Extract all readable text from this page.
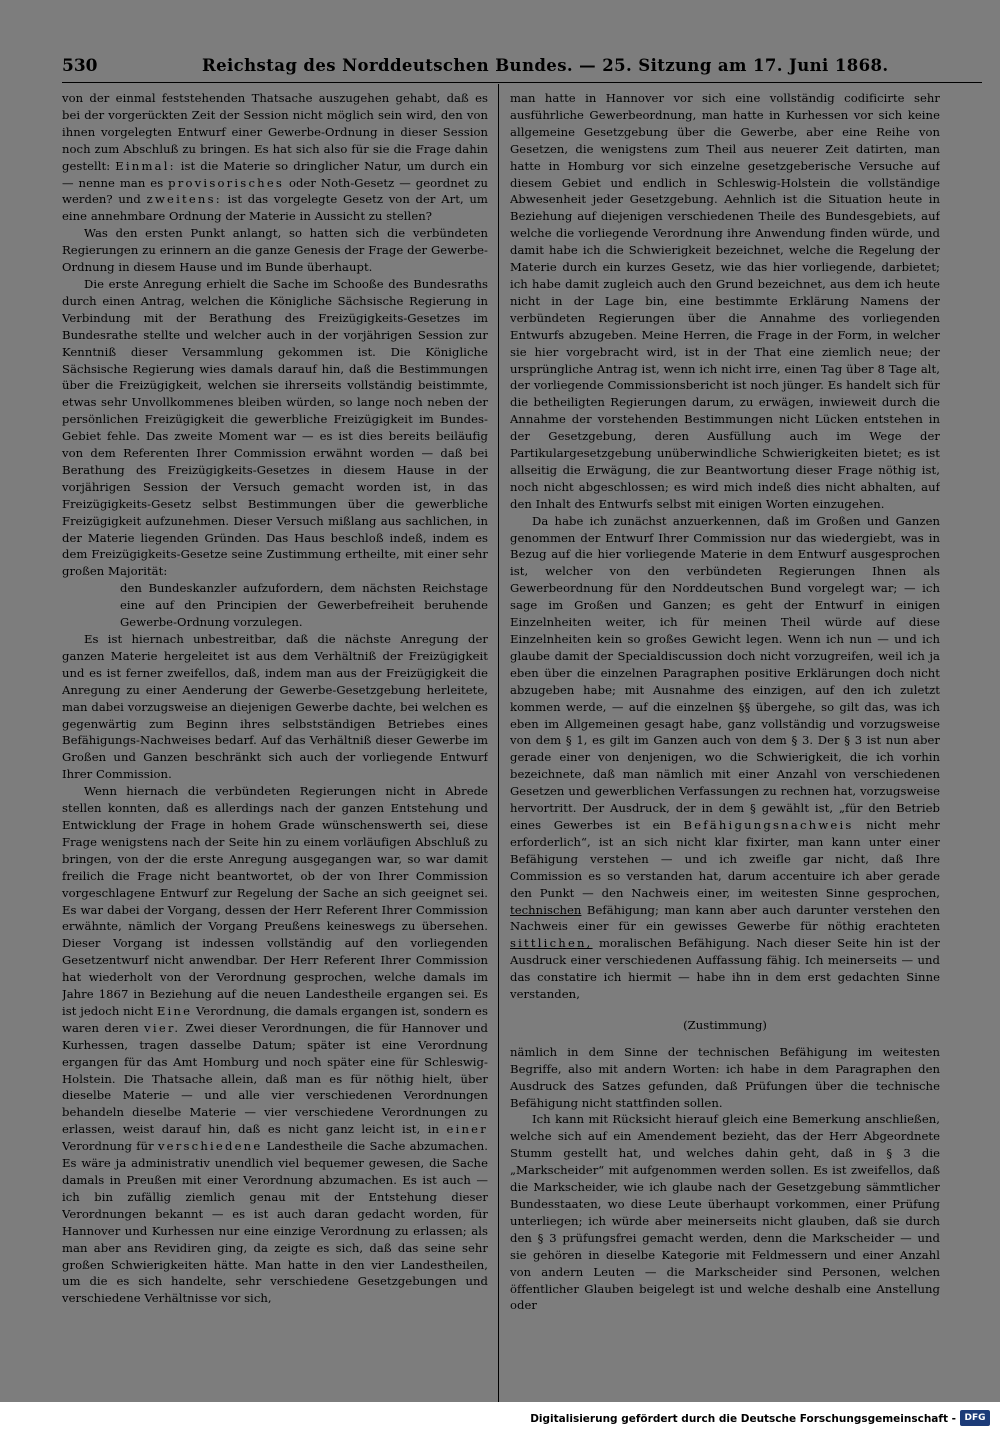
530	Reichstag des Norddeutschen Bundes. — 25. Sitzung am 17. Juni 1868.

von der einmal feststehenden Thatsache auszugehen gehabt, daß es bei der vorgerückten Zeit der Session nicht möglich sein wird, den von ihnen vorgelegten Entwurf einer Gewerbe-Ordnung in dieser Session noch zum Abschluß zu bringen. Es hat sich also für sie die Frage dahin gestellt: Einmal: ist die Materie so dringlicher Natur, um durch ein — nenne man es provisorisches oder Noth-Gesetz — geordnet zu werden? und zweitens: ist das vorgelegte Gesetz von der Art, um eine annehmbare Ordnung der Materie in Aussicht zu stellen?

Was den ersten Punkt anlangt, so hatten sich die verbündeten Regierungen zu erinnern an die ganze Genesis der Frage der Gewerbe-Ordnung in diesem Hause und im Bunde überhaupt.

Die erste Anregung erhielt die Sache im Schooße des Bundesraths durch einen Antrag, welchen die Königliche Sächsische Regierung in Verbindung mit der Berathung des Freizügigkeits-Gesetzes im Bundesrathe stellte und welcher auch in der vorjährigen Session zur Kenntniß dieser Versammlung gekommen ist. Die Königliche Sächsische Regierung wies damals darauf hin, daß die Bestimmungen über die Freizügigkeit, welchen sie ihrerseits vollständig beistimmte, etwas sehr Unvollkommenes bleiben würden, so lange noch neben der persönlichen Freizügigkeit die gewerbliche Freizügigkeit im Bundes-Gebiet fehle. Das zweite Moment war — es ist dies bereits beiläufig von dem Referenten Ihrer Commission erwähnt worden — daß bei Berathung des Freizügigkeits-Gesetzes in diesem Hause in der vorjährigen Session der Versuch gemacht worden ist, in das Freizügigkeits-Gesetz selbst Bestimmungen über die gewerbliche Freizügigkeit aufzunehmen. Dieser Versuch mißlang aus sachlichen, in der Materie liegenden Gründen. Das Haus beschloß indeß, indem es dem Freizügigkeits-Gesetze seine Zustimmung ertheilte, mit einer sehr großen Majorität:

den Bundeskanzler aufzufordern, dem nächsten Reichstage eine auf den Principien der Gewerbefreiheit beruhende Gewerbe-Ordnung vorzulegen.

Es ist hiernach unbestreitbar, daß die nächste Anregung der ganzen Materie hergeleitet ist aus dem Verhältniß der Freizügigkeit und es ist ferner zweifellos, daß, indem man aus der Freizügigkeit die Anregung zu einer Aenderung der Gewerbe-Gesetzgebung herleitete, man dabei vorzugsweise an diejenigen Gewerbe dachte, bei welchen es gegenwärtig zum Beginn ihres selbstständigen Betriebes eines Befähigungs-Nachweises bedarf. Auf das Verhältniß dieser Gewerbe im Großen und Ganzen beschränkt sich auch der vorliegende Entwurf Ihrer Commission.

Wenn hiernach die verbündeten Regierungen nicht in Abrede stellen konnten, daß es allerdings nach der ganzen Entstehung und Entwicklung der Frage in hohem Grade wünschenswerth sei, diese Frage wenigstens nach der Seite hin zu einem vorläufigen Abschluß zu bringen, von der die erste Anregung ausgegangen war, so war damit freilich die Frage nicht beantwortet, ob der von Ihrer Commission vorgeschlagene Entwurf zur Regelung der Sache an sich geeignet sei. Es war dabei der Vorgang, dessen der Herr Referent Ihrer Commission erwähnte, nämlich der Vorgang Preußens keineswegs zu übersehen. Dieser Vorgang ist indessen vollständig auf den vorliegenden Gesetzentwurf nicht anwendbar. Der Herr Referent Ihrer Commission hat wiederholt von der Verordnung gesprochen, welche damals im Jahre 1867 in Beziehung auf die neuen Landestheile ergangen sei. Es ist jedoch nicht Eine Verordnung, die damals ergangen ist, sondern es waren deren vier. Zwei dieser Verordnungen, die für Hannover und Kurhessen, tragen dasselbe Datum; später ist eine Verordnung ergangen für das Amt Homburg und noch später eine für Schleswig-Holstein. Die Thatsache allein, daß man es für nöthig hielt, über dieselbe Materie — und alle vier verschiedenen Verordnungen behandeln dieselbe Materie — vier verschiedene Verordnungen zu erlassen, weist darauf hin, daß es nicht ganz leicht ist, in einer Verordnung für verschiedene Landestheile die Sache abzumachen. Es wäre ja administrativ unendlich viel bequemer gewesen, die Sache damals in Preußen mit einer Verordnung abzumachen. Es ist auch — ich bin zufällig ziemlich genau mit der Entstehung dieser Verordnungen bekannt — es ist auch daran gedacht worden, für Hannover und Kurhessen nur eine einzige Verordnung zu erlassen; als man aber ans Revidiren ging, da zeigte es sich, daß das seine sehr großen Schwierigkeiten hätte. Man hatte in den vier Landestheilen, um die es sich handelte, sehr verschiedene Gesetzgebungen und verschiedene Verhältnisse vor sich,

man hatte in Hannover vor sich eine vollständig codificirte sehr ausführliche Gewerbeordnung, man hatte in Kurhessen vor sich keine allgemeine Gesetzgebung über die Gewerbe, aber eine Reihe von Gesetzen, die wenigstens zum Theil aus neuerer Zeit datirten, man hatte in Homburg vor sich einzelne gesetzgeberische Versuche auf diesem Gebiet und endlich in Schleswig-Holstein die vollständige Abwesenheit jeder Gesetzgebung. Aehnlich ist die Situation heute in Beziehung auf diejenigen verschiedenen Theile des Bundesgebiets, auf welche die vorliegende Verordnung ihre Anwendung finden würde, und damit habe ich die Schwierigkeit bezeichnet, welche die Regelung der Materie durch ein kurzes Gesetz, wie das hier vorliegende, darbietet; ich habe damit zugleich auch den Grund bezeichnet, aus dem ich heute nicht in der Lage bin, eine bestimmte Erklärung Namens der verbündeten Regierungen über die Annahme des vorliegenden Entwurfs abzugeben. Meine Herren, die Frage in der Form, in welcher sie hier vorgebracht wird, ist in der That eine ziemlich neue; der ursprüngliche Antrag ist, wenn ich nicht irre, einen Tag über 8 Tage alt, der vorliegende Commissionsbericht ist noch jünger. Es handelt sich für die betheiligten Regierungen darum, zu erwägen, inwieweit durch die Annahme der vorstehenden Bestimmungen nicht Lücken entstehen in der Gesetzgebung, deren Ausfüllung auch im Wege der Partikulargesetzgebung unüberwindliche Schwierigkeiten bietet; es ist allseitig die Erwägung, die zur Beantwortung dieser Frage nöthig ist, noch nicht abgeschlossen; es wird mich indeß dies nicht abhalten, auf den Inhalt des Entwurfs selbst mit einigen Worten einzugehen.

Da habe ich zunächst anzuerkennen, daß im Großen und Ganzen genommen der Entwurf Ihrer Commission nur das wiedergiebt, was in Bezug auf die hier vorliegende Materie in dem Entwurf ausgesprochen ist, welcher von den verbündeten Regierungen Ihnen als Gewerbeordnung für den Norddeutschen Bund vorgelegt war; — ich sage im Großen und Ganzen; es geht der Entwurf in einigen Einzelnheiten weiter, ich für meinen Theil würde auf diese Einzelnheiten kein so großes Gewicht legen. Wenn ich nun — und ich glaube damit der Specialdiscussion doch nicht vorzugreifen, weil ich ja eben über die einzelnen Paragraphen positive Erklärungen doch nicht abzugeben habe; mit Ausnahme des einzigen, auf den ich zuletzt kommen werde, — auf die einzelnen §§ übergehe, so gilt das, was ich eben im Allgemeinen gesagt habe, ganz vollständig und vorzugsweise von dem § 1, es gilt im Ganzen auch von dem § 3. Der § 3 ist nun aber gerade einer von denjenigen, wo die Schwierigkeit, die ich vorhin bezeichnete, daß man nämlich mit einer Anzahl von verschiedenen Gesetzen und gewerblichen Verfassungen zu rechnen hat, vorzugsweise hervortritt. Der Ausdruck, der in dem § gewählt ist, „für den Betrieb eines Gewerbes ist ein Befähigungsnachweis nicht mehr erforderlich“, ist an sich nicht klar fixirter, man kann unter einer Befähigung verstehen — und ich zweifle gar nicht, daß Ihre Commission es so verstanden hat, darum accentuire ich aber gerade den Punkt — den Nachweis einer, im weitesten Sinne gesprochen, technischen Befähigung; man kann aber auch darunter verstehen den Nachweis einer für ein gewisses Gewerbe für nöthig erachteten sittlichen, moralischen Befähigung. Nach dieser Seite hin ist der Ausdruck einer verschiedenen Auffassung fähig. Ich meinerseits — und das constatire ich hiermit — habe ihn in dem erst gedachten Sinne verstanden,

(Zustimmung)

nämlich in dem Sinne der technischen Befähigung im weitesten Begriffe, also mit andern Worten: ich habe in dem Paragraphen den Ausdruck des Satzes gefunden, daß Prüfungen über die technische Befähigung nicht stattfinden sollen.

Ich kann mit Rücksicht hierauf gleich eine Bemerkung anschließen, welche sich auf ein Amendement bezieht, das der Herr Abgeordnete Stumm gestellt hat, und welches dahin geht, daß in § 3 die „Markscheider“ mit aufgenommen werden sollen. Es ist zweifellos, daß die Markscheider, wie ich glaube nach der Gesetzgebung sämmtlicher Bundesstaaten, wo diese Leute überhaupt vorkommen, einer Prüfung unterliegen; ich würde aber meinerseits nicht glauben, daß sie durch den § 3 prüfungsfrei gemacht werden, denn die Markscheider — und sie gehören in dieselbe Kategorie mit Feldmessern und einer Anzahl von andern Leuten — die Markscheider sind Personen, welchen öffentlicher Glauben beigelegt ist und welche deshalb eine Anstellung oder

Digitalisierung gefördert durch die Deutsche Forschungsgemeinschaft - DFG
